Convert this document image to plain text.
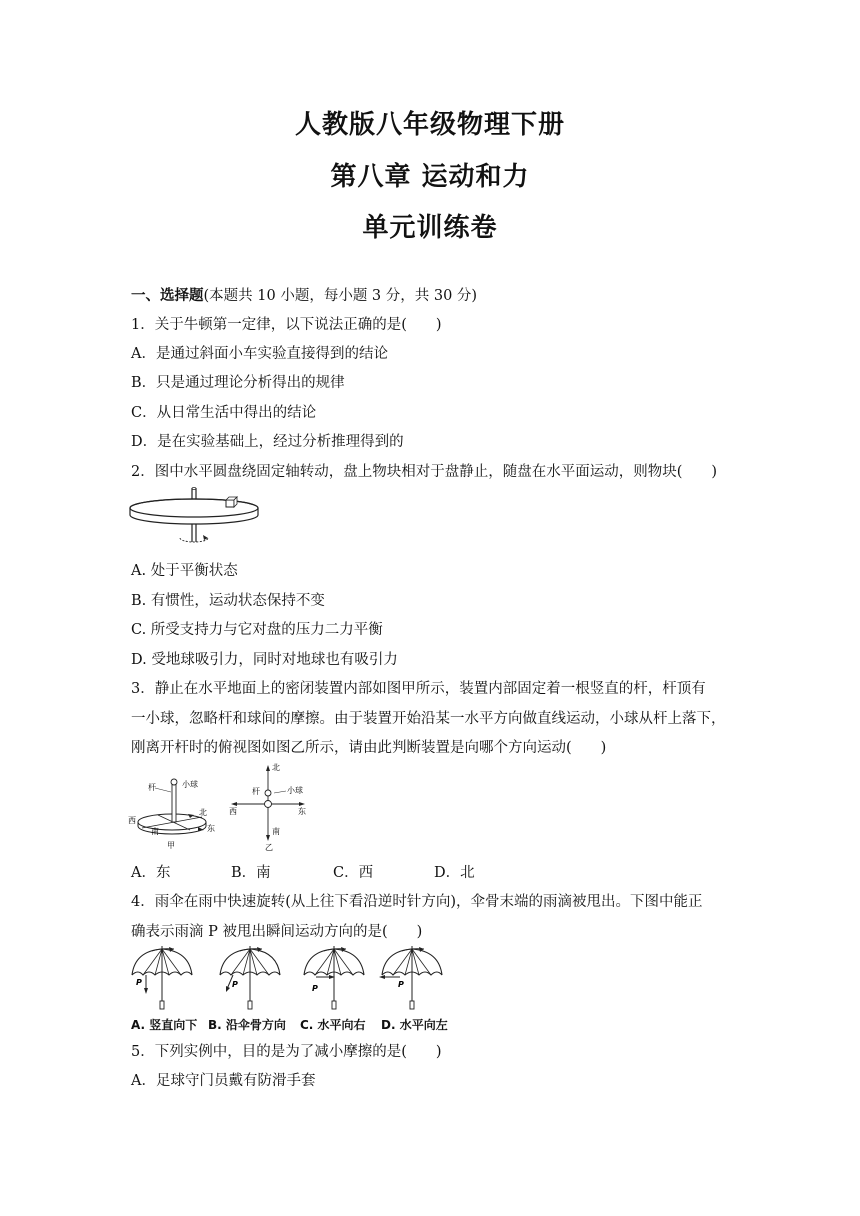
人教版八年级物理下册
第八章 运动和力
单元训练卷
一、选择题(本题共 10 小题，每小题 3 分，共 30 分)
1．关于牛顿第一定律，以下说法正确的是(　　)
A．是通过斜面小车实验直接得到的结论
B．只是通过理论分析得出的规律
C．从日常生活中得出的结论
D．是在实验基础上，经过分析推理得到的
2．图中水平圆盘绕固定轴转动，盘上物块相对于盘静止，随盘在水平面运动，则物块(　　)
A. 处于平衡状态
B. 有惯性，运动状态保持不变
C. 所受支持力与它对盘的压力二力平衡
D. 受地球吸引力，同时对地球也有吸引力
3．静止在水平地面上的密闭装置内部如图甲所示，装置内部固定着一根竖直的杆，杆顶有
一小球，忽略杆和球间的摩擦。由于装置开始沿某一水平方向做直线运动，小球从杆上落下，
刚离开杆时的俯视图如图乙所示，请由此判断装置是向哪个方向运动(　　)
杆	小球
北
西
东
南
甲
北
杆	小球
西	东
南
乙
A．东	B．南	C．西	D．北
4．雨伞在雨中快速旋转(从上往下看沿逆时针方向)，伞骨末端的雨滴被甩出。下图中能正
确表示雨滴 P 被甩出瞬间运动方向的是(　　)
P	P	P	P
A. 竖直向下 B. 沿伞骨方向 C. 水平向右 D. 水平向左
5．下列实例中，目的是为了减小摩擦的是(　　)
A．足球守门员戴有防滑手套
